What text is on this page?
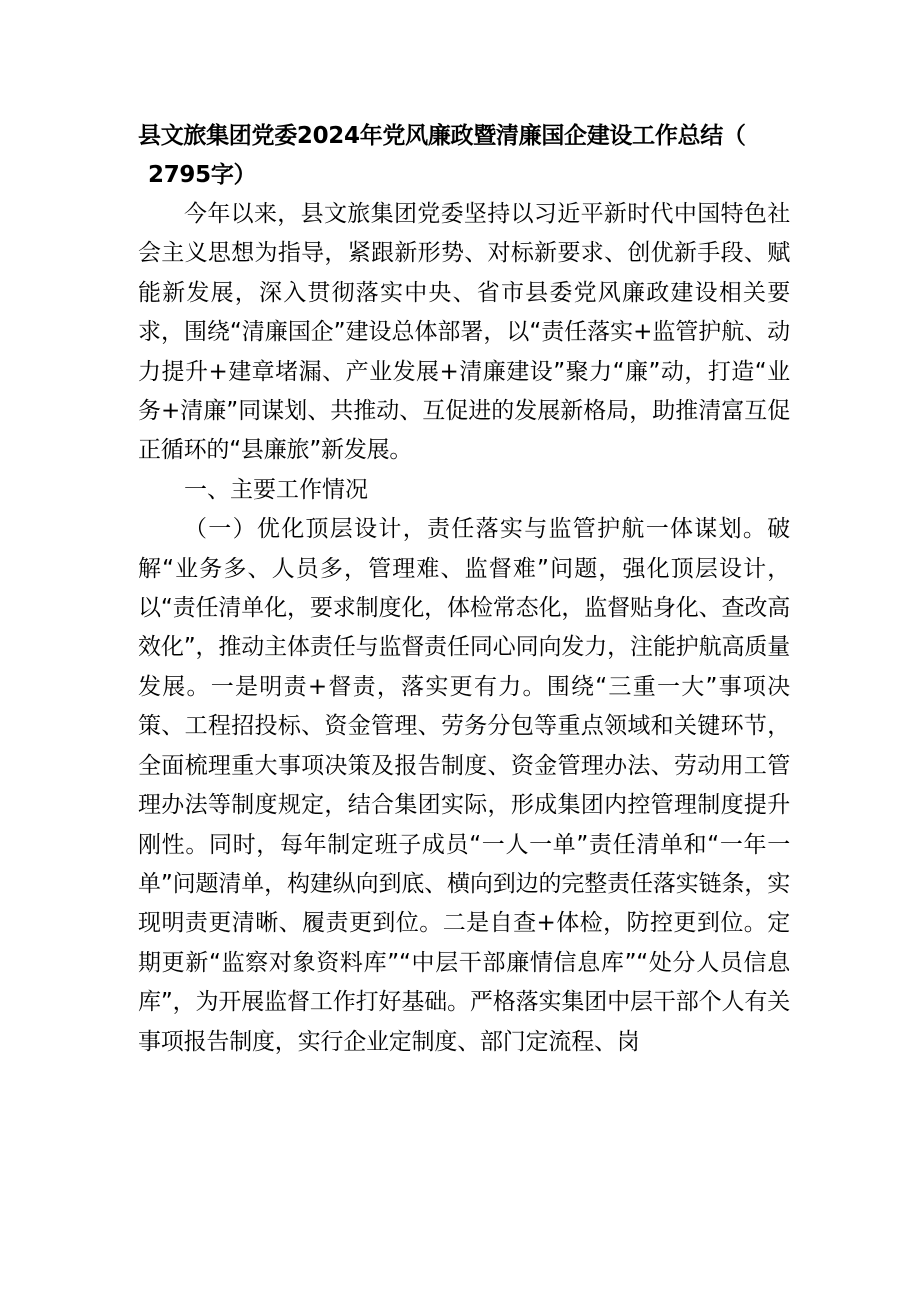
县文旅集团党委2024年党风廉政暨清廉国企建设工作总结（
2795字）

今年以来，县文旅集团党委坚持以习近平新时代中国特色社会主义思想为指导，紧跟新形势、对标新要求、创优新手段、赋能新发展，深入贯彻落实中央、省市县委党风廉政建设相关要求，围绕“清廉国企”建设总体部署，以“责任落实+监管护航、动力提升+建章堵漏、产业发展+清廉建设”聚力“廉”动，打造“业务+清廉”同谋划、共推动、互促进的发展新格局，助推清富互促正循环的“县廉旅”新发展。

一、主要工作情况

（一）优化顶层设计，责任落实与监管护航一体谋划。破解“业务多、人员多，管理难、监督难”问题，强化顶层设计，以“责任清单化，要求制度化，体检常态化，监督贴身化、查改高效化”，推动主体责任与监督责任同心同向发力，注能护航高质量发展。一是明责+督责，落实更有力。围绕“三重一大”事项决策、工程招投标、资金管理、劳务分包等重点领域和关键环节，全面梳理重大事项决策及报告制度、资金管理办法、劳动用工管理办法等制度规定，结合集团实际，形成集团内控管理制度提升刚性。同时，每年制定班子成员“一人一单”责任清单和“一年一单”问题清单，构建纵向到底、横向到边的完整责任落实链条，实现明责更清晰、履责更到位。二是自查+体检，防控更到位。定期更新“监察对象资料库”“中层干部廉情信息库”“处分人员信息库”，为开展监督工作打好基础。严格落实集团中层干部个人有关事项报告制度，实行企业定制度、部门定流程、岗
